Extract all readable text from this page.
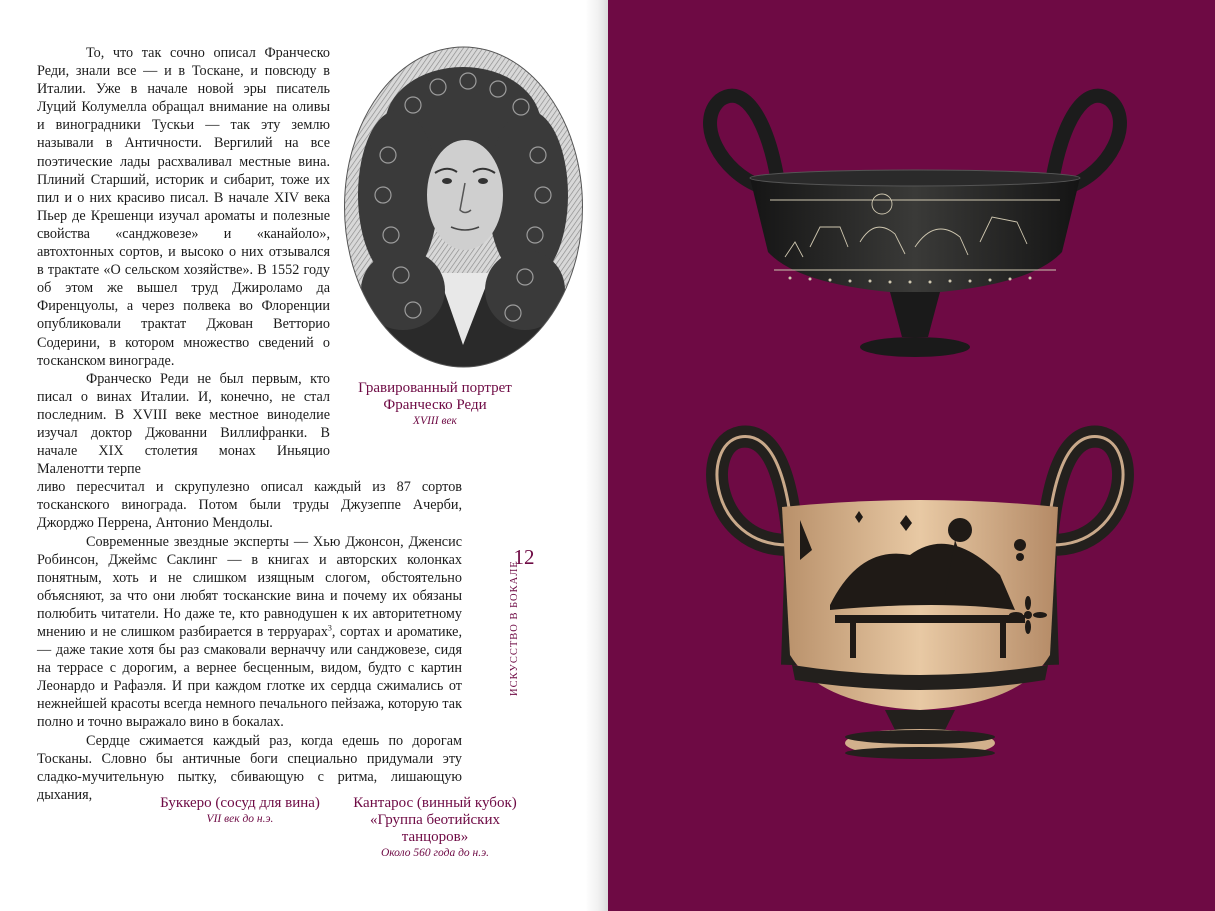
То, что так сочно описал Франческо Реди, знали все — и в Тоскане, и повсюду в Италии. Уже в начале новой эры писатель Луций Колумелла обращал внимание на оливы и виноградники Тускьи — так эту землю называли в Античности. Вергилий на все поэтические лады расхваливал местные вина. Плиний Старший, историк и сибарит, тоже их пил и о них красиво писал. В начале XIV века Пьер де Крешенци изучал ароматы и полезные свойства «санджовезе» и «канайоло», автохтонных сортов, и высоко о них отзывался в трактате «О сельском хозяйстве». В 1552 году об этом же вышел труд Джироламо да Фиренцуолы, а через полвека во Флоренции опубликовали трактат Джован Ветторио Содерини, в котором множество сведений о тосканском винограде.

Франческо Реди не был первым, кто писал о винах Италии. И, конечно, не стал последним. В XVIII веке местное виноделие изучал доктор Джованни Виллифранки. В начале XIX столетия монах Иньяцио Маленотти терпе
ливо пересчитал и скрупулезно описал каждый из 87 сортов тосканского винограда. Потом были труды Джузеппе Ачерби, Джорджо Перрена, Антонио Мендолы.

Современные звездные эксперты — Хью Джонсон, Дженсис Робинсон, Джеймс Саклинг — в книгах и авторских колонках понятным, хоть и не слишком изящным слогом, обстоятельно объясняют, за что они любят тосканские вина и почему их обязаны полюбить читатели. Но даже те, кто равнодушен к их авторитетному мнению и не слишком разбирается в терруарах$^3$, сортах и ароматике, — даже такие хотя бы раз смаковали верначчу или санджовезе, сидя на террасе с дорогим, а вернее бесценным, видом, будто с картин Леонардо и Рафаэля. И при каждом глотке их сердца сжимались от нежнейшей красоты всегда немного печального пейзажа, которую так полно и точно выражало вино в бокалах.

Сердце сжимается каждый раз, когда едешь по дорогам Тосканы. Словно бы античные боги специально придумали эту сладко-мучительную пытку, сбивающую с ритма, лишающую дыхания,

Гравированный портрет
Франческо Реди
XVIII век
12
ИСКУССТВО В БОКАЛЕ
Буккеро (сосуд для вина)
VII век до н.э.
Кантарос (винный кубок)
«Группа беотийских
танцоров»
Около 560 года до н.э.
